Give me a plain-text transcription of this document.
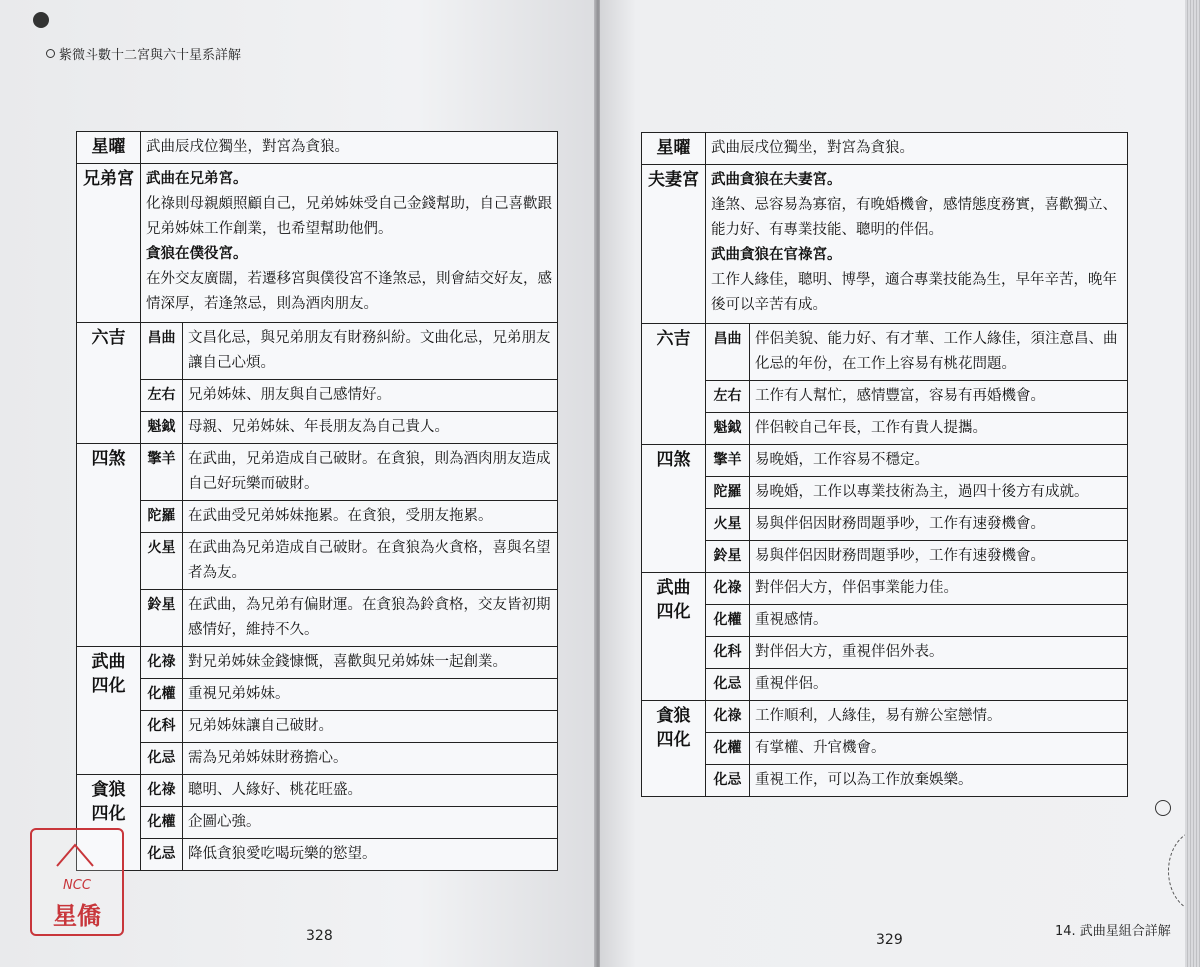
紫微斗數十二宮與六十星系詳解
星曜	武曲辰戌位獨坐，對宮為貪狼。	
兄弟宮	武曲在兄弟宮。
化祿則母親頗照顧自己，兄弟姊妹受自己金錢幫助，自己喜歡跟兄弟姊妹工作創業，也希望幫助他們。
貪狼在僕役宮。
在外交友廣闊，若遷移宮與僕役宮不逢煞忌，則會結交好友，感情深厚，若逢煞忌，則為酒肉朋友。	

六吉	昌曲	文昌化忌，與兄弟朋友有財務糾紛。文曲化忌，兄弟朋友讓自己心煩。
	左右	兄弟姊妹、朋友與自己感情好。
	魁鉞	母親、兄弟姊妹、年長朋友為自己貴人。
四煞	擎羊	在武曲，兄弟造成自己破財。在貪狼，則為酒肉朋友造成自己好玩樂而破財。
	陀羅	在武曲受兄弟姊妹拖累。在貪狼，受朋友拖累。
	火星	在武曲為兄弟造成自己破財。在貪狼為火貪格，喜與名望者為友。
	鈴星	在武曲，為兄弟有偏財運。在貪狼為鈴貪格，交友皆初期感情好，維持不久。

武曲
四化	化祿	對兄弟姊妹金錢慷慨，喜歡與兄弟姊妹一起創業。
	化權	重視兄弟姊妹。
	化科	兄弟姊妹讓自己破財。
	化忌	需為兄弟姊妹財務擔心。

貪狼
四化	化祿	聰明、人緣好、桃花旺盛。
	化權	企圖心強。
	化忌	降低貪狼愛吃喝玩樂的慾望。
328
NCC
星僑
星曜	武曲辰戌位獨坐，對宮為貪狼。	
夫妻宮	武曲貪狼在夫妻宮。
逢煞、忌容易為寡宿，有晚婚機會，感情態度務實，喜歡獨立、能力好、有專業技能、聰明的伴侶。
武曲貪狼在官祿宮。
工作人緣佳，聰明、博學，適合專業技能為生，早年辛苦，晚年後可以辛苦有成。	

六吉	昌曲	伴侶美貌、能力好、有才華、工作人緣佳，須注意昌、曲化忌的年份，在工作上容易有桃花問題。
	左右	工作有人幫忙，感情豐富，容易有再婚機會。
	魁鉞	伴侶較自己年長，工作有貴人提攜。
四煞	擎羊	易晚婚，工作容易不穩定。
	陀羅	易晚婚，工作以專業技術為主，過四十後方有成就。
	火星	易與伴侶因財務問題爭吵，工作有速發機會。
	鈴星	易與伴侶因財務問題爭吵，工作有速發機會。

武曲
四化	化祿	對伴侶大方，伴侶事業能力佳。
	化權	重視感情。
	化科	對伴侶大方，重視伴侶外表。
	化忌	重視伴侶。

貪狼
四化	化祿	工作順利，人緣佳，易有辦公室戀情。
	化權	有掌權、升官機會。
	化忌	重視工作，可以為工作放棄娛樂。
329
14. 武曲星組合詳解
